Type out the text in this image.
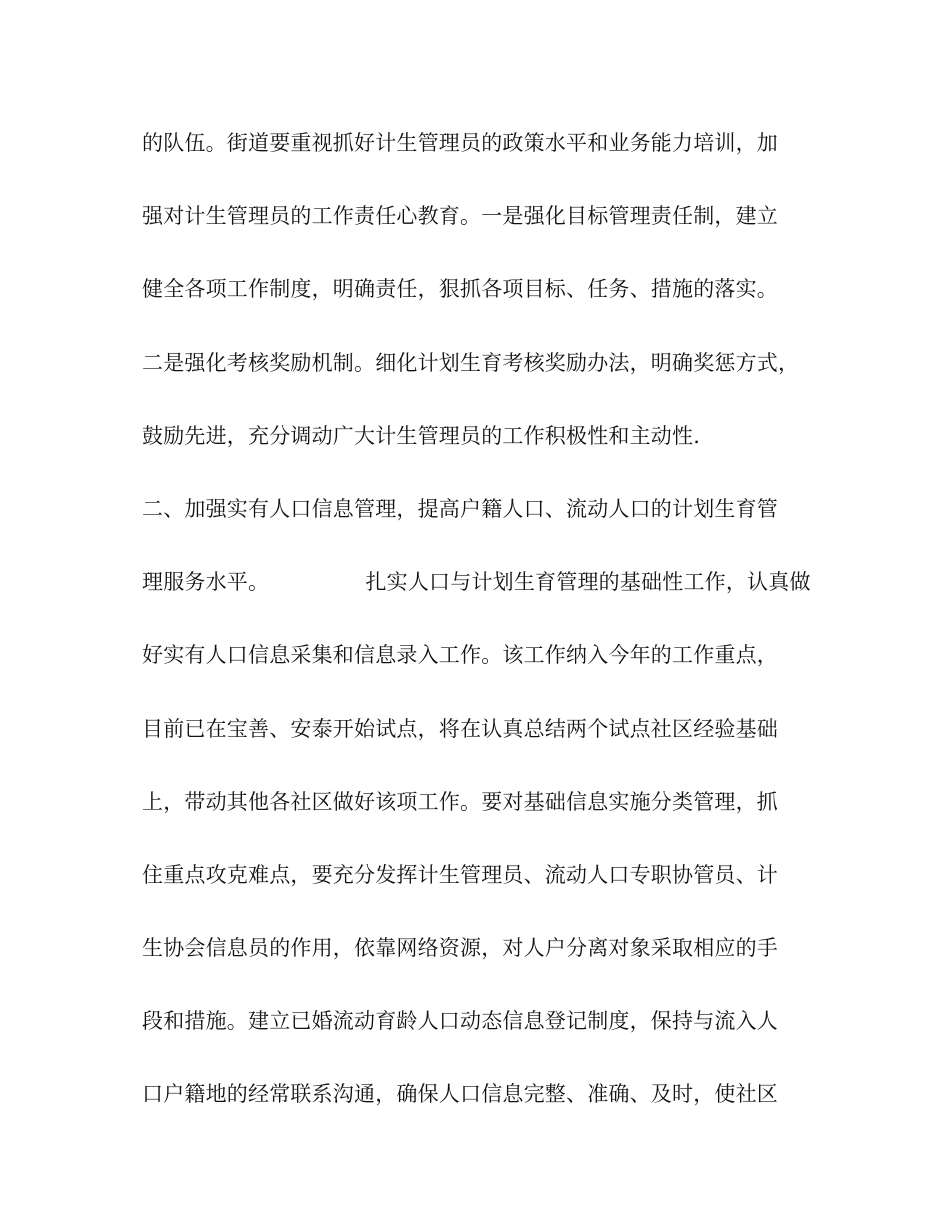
的队伍。街道要重视抓好计生管理员的政策水平和业务能力培训，加
强对计生管理员的工作责任心教育。一是强化目标管理责任制，建立
健全各项工作制度，明确责任，狠抓各项目标、任务、措施的落实。
二是强化考核奖励机制。细化计划生育考核奖励办法，明确奖惩方式，
鼓励先进，充分调动广大计生管理员的工作积极性和主动性.
二、加强实有人口信息管理，提高户籍人口、流动人口的计划生育管
理服务水平。              扎实人口与计划生育管理的基础性工作，认真做
好实有人口信息采集和信息录入工作。该工作纳入今年的工作重点，
目前已在宝善、安泰开始试点，将在认真总结两个试点社区经验基础
上，带动其他各社区做好该项工作。要对基础信息实施分类管理，抓
住重点攻克难点，要充分发挥计生管理员、流动人口专职协管员、计
生协会信息员的作用，依靠网络资源，对人户分离对象采取相应的手
段和措施。建立已婚流动育龄人口动态信息登记制度，保持与流入人
口户籍地的经常联系沟通，确保人口信息完整、准确、及时，使社区
